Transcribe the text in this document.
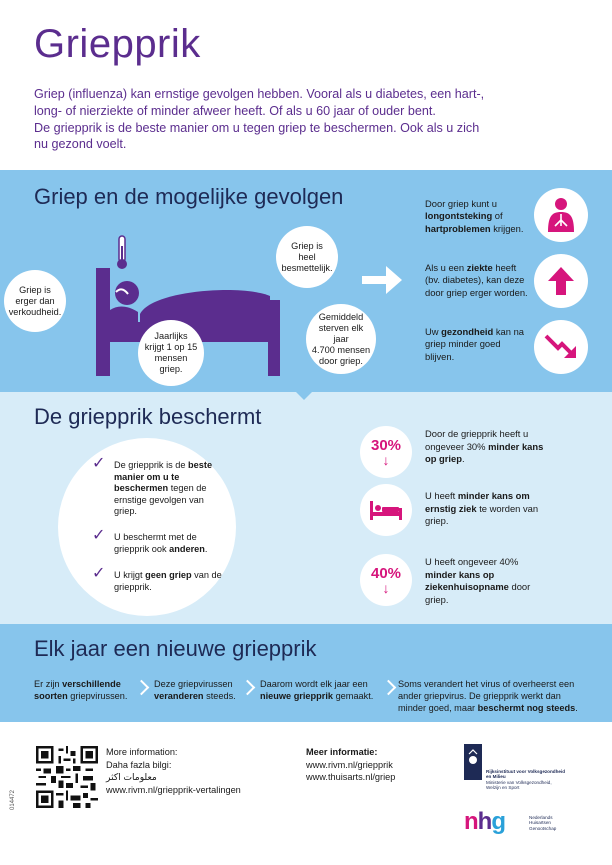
Griepprik

Griep (influenza) kan ernstige gevolgen hebben. Vooral als u diabetes, een hart-,

long- of nierziekte of minder afweer heeft. Of als u 60 jaar of ouder bent.

De griepprik is de beste manier om u tegen griep te beschermen. Ook als u zich

nu gezond voelt.

Griep en de mogelijke gevolgen
Griep is
erger dan
verkoudheid.
Griep is
heel
besmettelijk.
Jaarlijks
krijgt 1 op 15
mensen
griep.
Gemiddeld
sterven elk jaar
4.700 mensen
door griep.
Door griep kunt u longontsteking of hartproblemen krijgen.
Als u een ziekte heeft (bv. diabetes), kan deze door griep erger worden.
Uw gezondheid kan na griep minder goed blijven.
De griepprik beschermt
✓ De griepprik is de beste manier om u te beschermen tegen de ernstige gevolgen van griep.
✓ U beschermt met de griepprik ook anderen.
✓ U krijgt geen griep van de griepprik.
30%
↓
Door de griepprik heeft u ongeveer 30% minder kans op griep.
U heeft minder kans om ernstig ziek te worden van griep.
40%
↓
U heeft ongeveer 40% minder kans op ziekenhuisopname door griep.
Elk jaar een nieuwe griepprik
Er zijn verschillende soorten griepvirussen.
Deze griepvirussen veranderen steeds.
Daarom wordt elk jaar een nieuwe griepprik gemaakt.
Soms verandert het virus of overheerst een ander griepvirus. De griepprik werkt dan minder goed, maar beschermt nog steeds.
014472
More information:
Daha fazla bilgi:
معلومات اكثر
www.rivm.nl/griepprik-vertalingen
Meer informatie:
www.rivm.nl/griepprik
www.thuisarts.nl/griep
Rijksinstituut voor Volksgezondheid
en Milieu
Ministerie van Volksgezondheid,
Welzijn en Sport
nhg	Nederlands
Huisartsen
Genootschap
